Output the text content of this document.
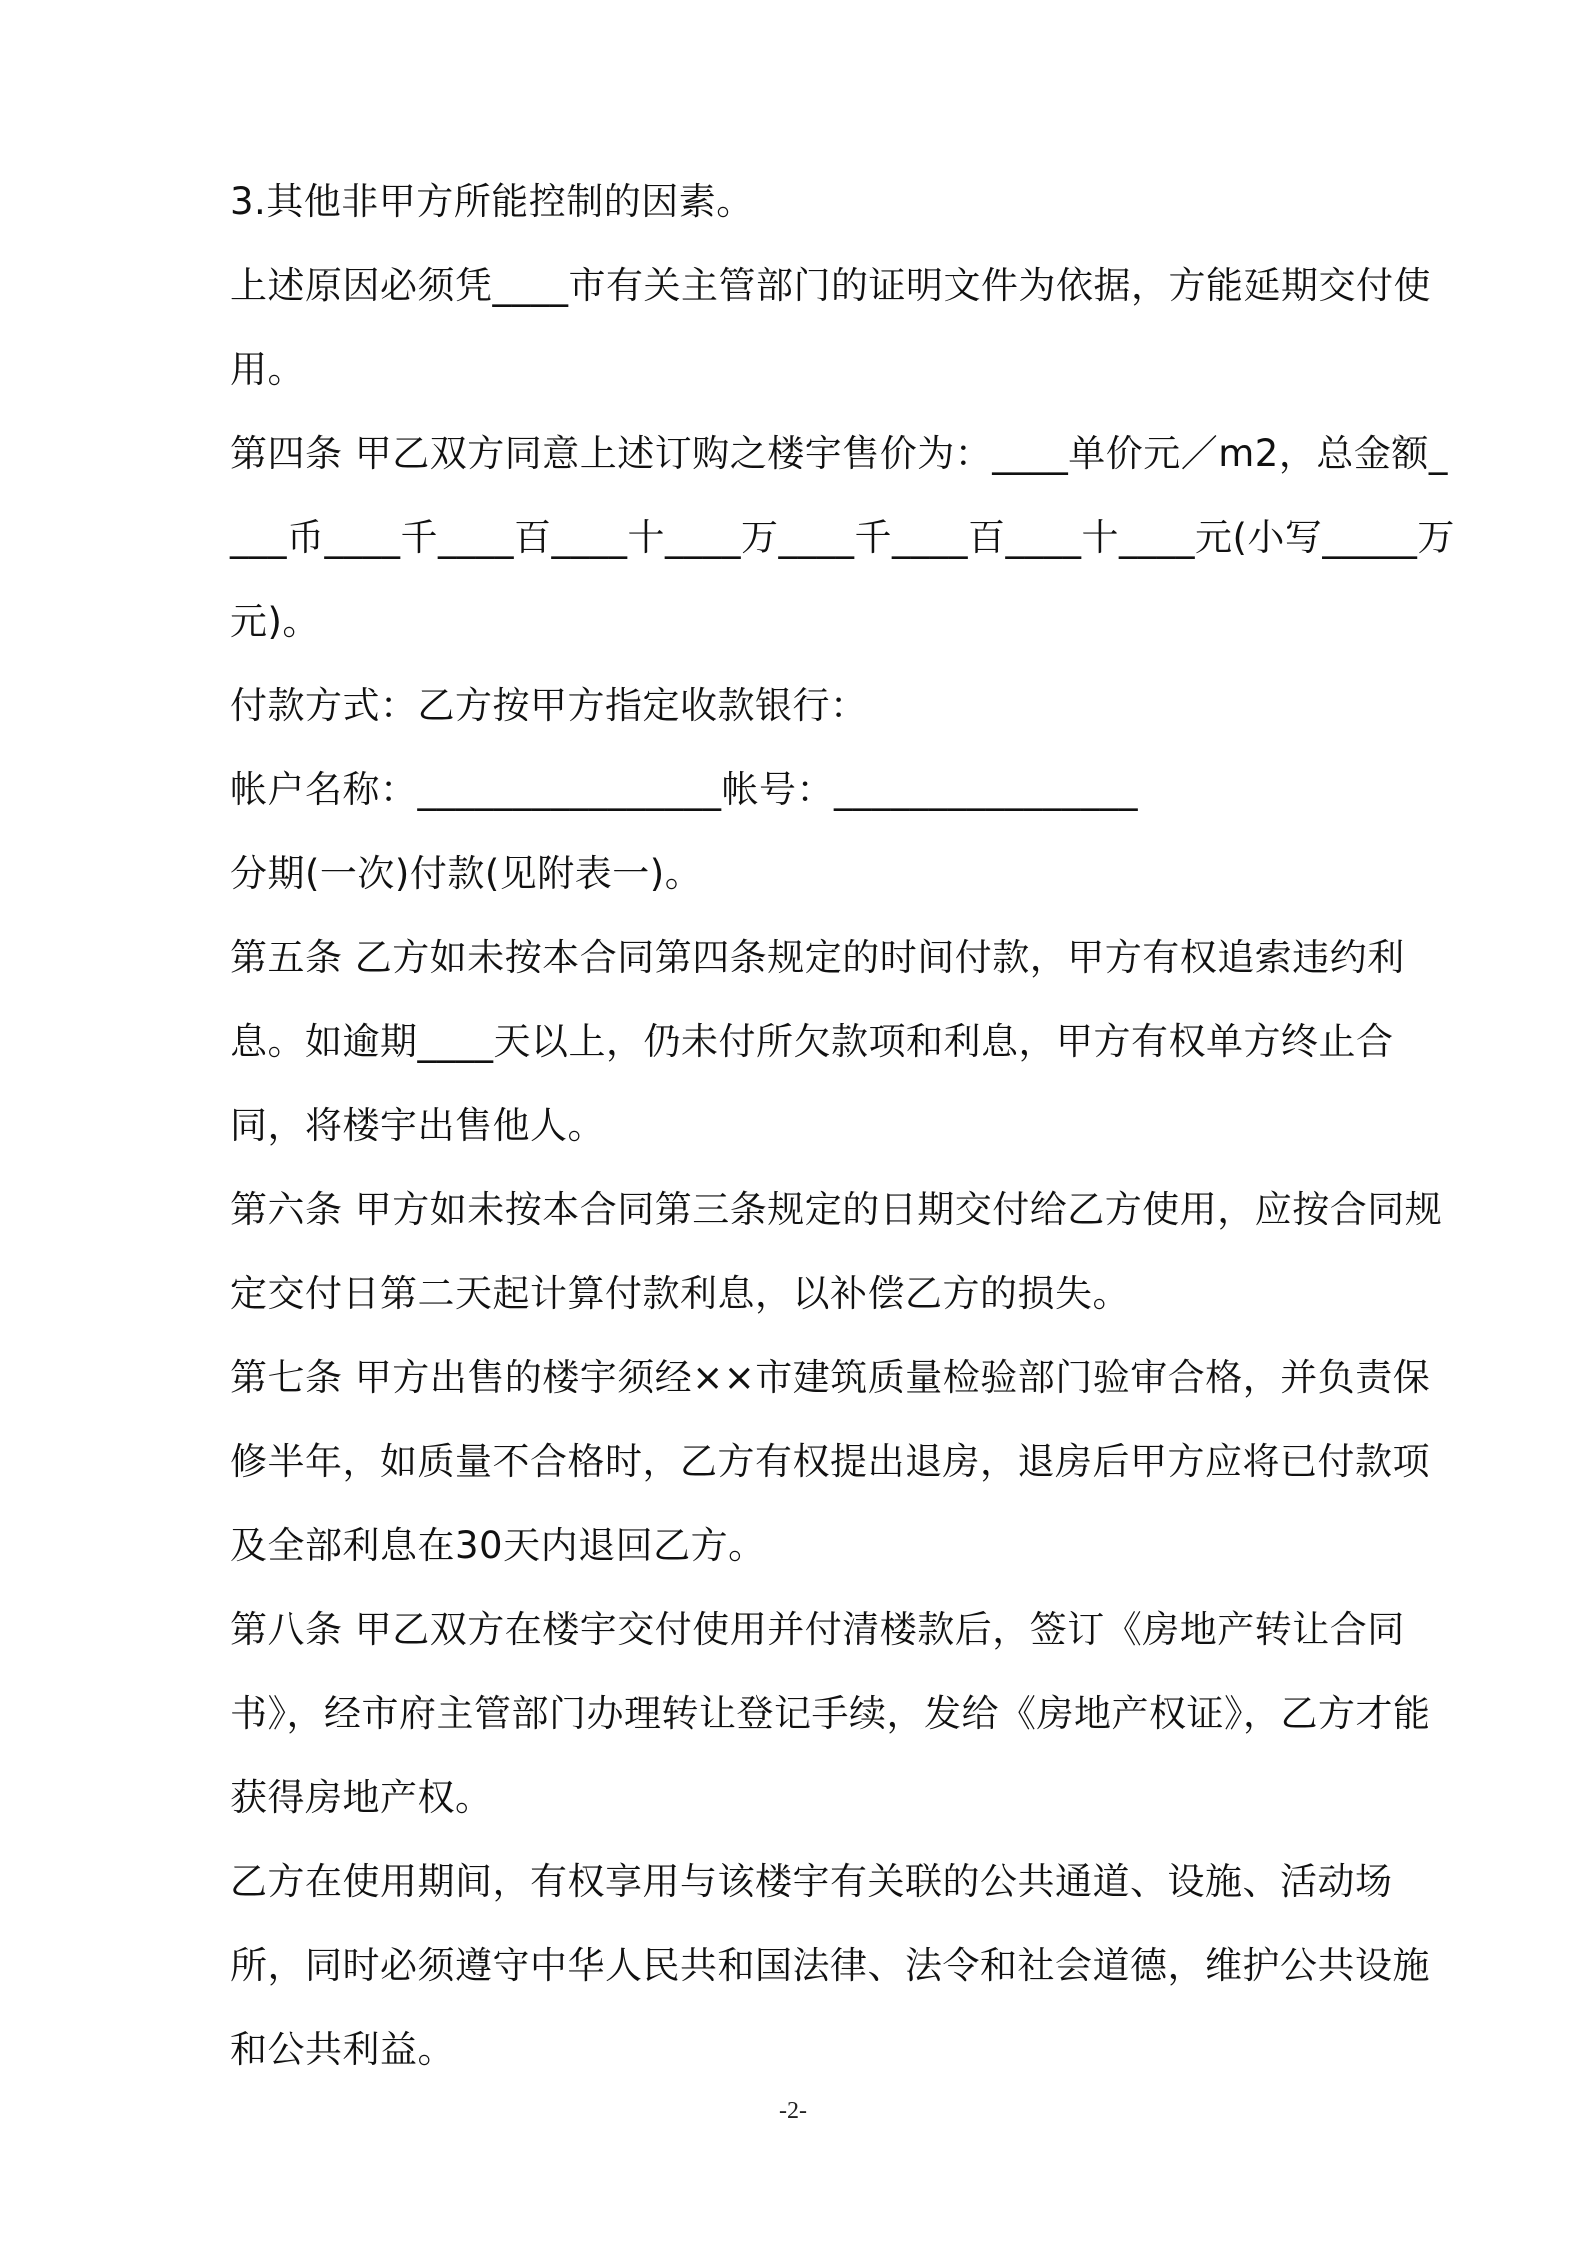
3.其他非甲方所能控制的因素。

上述原因必须凭____市有关主管部门的证明文件为依据，方能延期交付使用。

第四条 甲乙双方同意上述订购之楼宇售价为：____单价元／m2，总金额____币____千____百____十____万____千____百____十____元(小写_____万元)。

付款方式：乙方按甲方指定收款银行：

帐户名称：________________帐号：________________

分期(一次)付款(见附表一)。

第五条 乙方如未按本合同第四条规定的时间付款，甲方有权追索违约利息。如逾期____天以上，仍未付所欠款项和利息，甲方有权单方终止合同，将楼宇出售他人。

第六条 甲方如未按本合同第三条规定的日期交付给乙方使用，应按合同规定交付日第二天起计算付款利息，以补偿乙方的损失。

第七条 甲方出售的楼宇须经××市建筑质量检验部门验审合格，并负责保修半年，如质量不合格时，乙方有权提出退房，退房后甲方应将已付款项及全部利息在30天内退回乙方。

第八条 甲乙双方在楼宇交付使用并付清楼款后，签订《房地产转让合同书》，经市府主管部门办理转让登记手续，发给《房地产权证》，乙方才能获得房地产权。

乙方在使用期间，有权享用与该楼宇有关联的公共通道、设施、活动场所，同时必须遵守中华人民共和国法律、法令和社会道德，维护公共设施和公共利益。

-2-
